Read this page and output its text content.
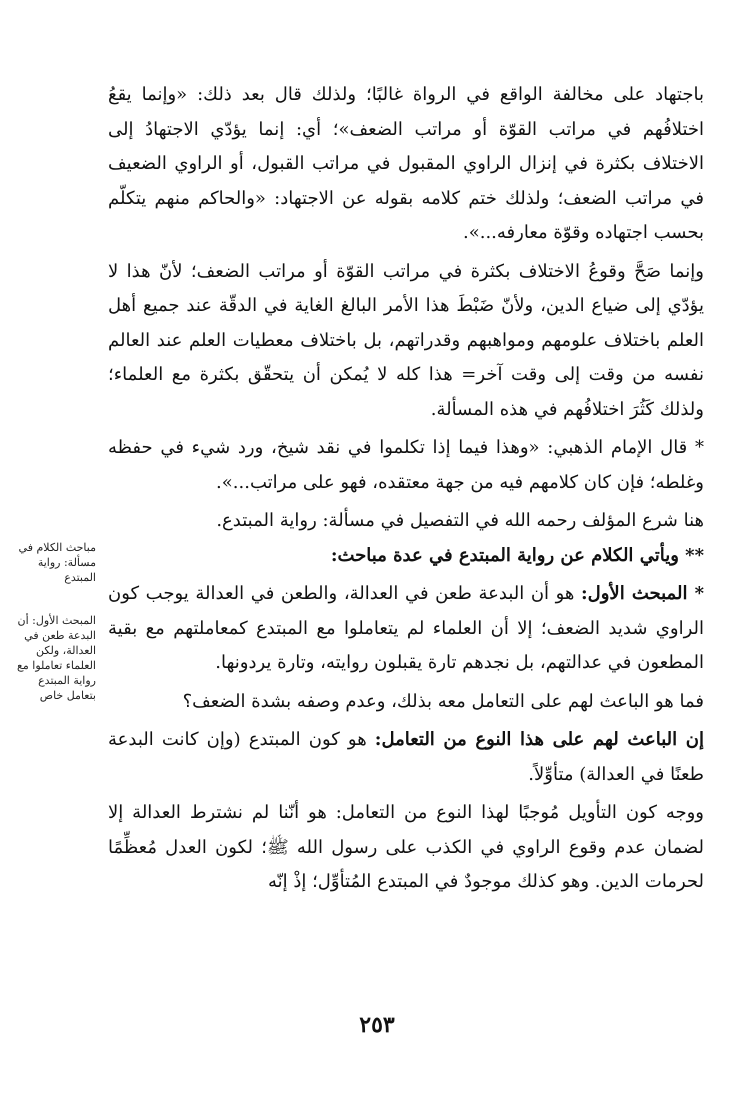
باجتهاد على مخالفة الواقع في الرواة غالبًا؛ ولذلك قال بعد ذلك: «وإنما يقعُ اختلافُهم في مراتب القوّة أو مراتب الضعف»؛ أي: إنما يؤدّي الاجتهادُ إلى الاختلاف بكثرة في إنزال الراوي المقبول في مراتب القبول، أو الراوي الضعيف في مراتب الضعف؛ ولذلك ختم كلامه بقوله عن الاجتهاد: «والحاكم منهم يتكلّم بحسب اجتهاده وقوّة معارفه...».

وإنما صَحَّ وقوعُ الاختلاف بكثرة في مراتب القوّة أو مراتب الضعف؛ لأنّ هذا لا يؤدّي إلى ضياع الدين، ولأنّ ضَبْطَ هذا الأمر البالغ الغاية في الدقّة عند جميع أهل العلم باختلاف علومهم ومواهبهم وقدراتهم، بل باختلاف معطيات العلم عند العالم نفسه من وقت إلى وقت آخر= هذا كله لا يُمكن أن يتحقّق بكثرة مع العلماء؛ ولذلك كَثُرَ اختلافُهم في هذه المسألة.

* قال الإمام الذهبي: «وهذا فيما إذا تكلموا في نقد شيخ، ورد شيء في حفظه وغلطه؛ فإن كان كلامهم فيه من جهة معتقده، فهو على مراتب...».

هنا شرع المؤلف رحمه الله في التفصيل في مسألة: رواية المبتدع.

** ويأتي الكلام عن رواية المبتدع في عدة مباحث:

* المبحث الأول: هو أن البدعة طعن في العدالة، والطعن في العدالة يوجب كون الراوي شديد الضعف؛ إلا أن العلماء لم يتعاملوا مع المبتدع كمعاملتهم مع بقية المطعون في عدالتهم، بل نجدهم تارة يقبلون روايته، وتارة يردونها.

فما هو الباعث لهم على التعامل معه بذلك، وعدم وصفه بشدة الضعف؟

إن الباعث لهم على هذا النوع من التعامل: هو كون المبتدع (وإن كانت البدعة طعنًا في العدالة) متأوِّلاً.

ووجه كون التأويل مُوجبًا لهذا النوع من التعامل: هو أنّنا لم نشترط العدالة إلا لضمان عدم وقوع الراوي في الكذب على رسول الله ﷺ؛ لكون العدل مُعظِّمًا لحرمات الدين. وهو كذلك موجودٌ في المبتدع المُتأوِّل؛ إذْ إنّه

مباحث الكلام في مسألة: رواية المبتدع

المبحث الأول: أن البدعة طعن في العدالة، ولكن العلماء تعاملوا مع رواية المبتدع بتعامل خاص

٢٥٣
